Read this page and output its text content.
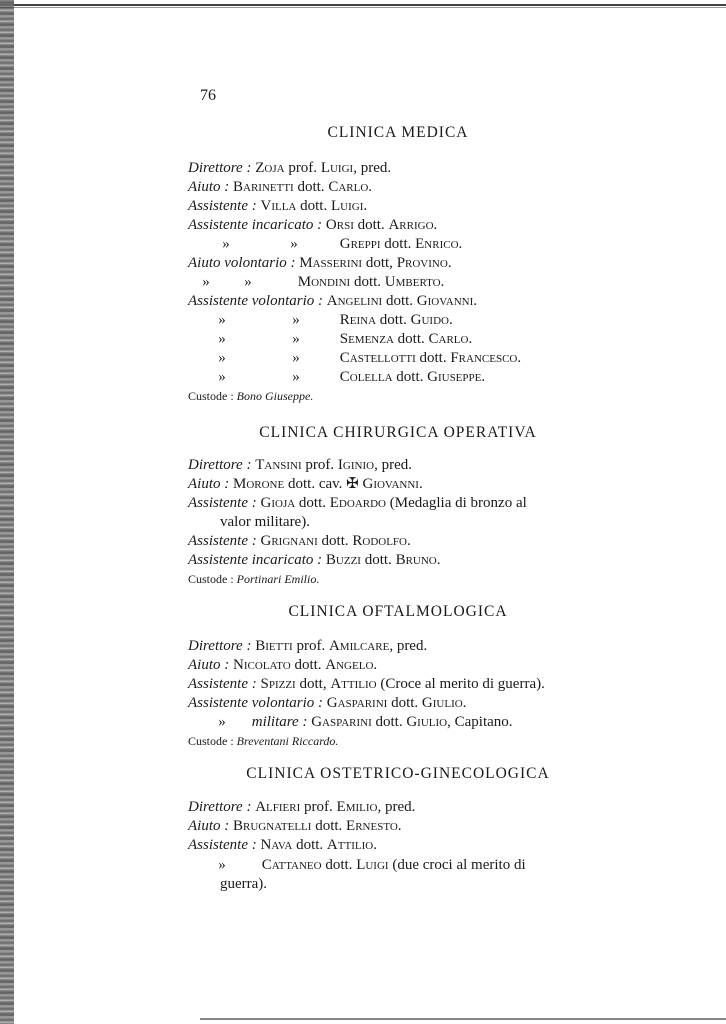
76
CLINICA MEDICA
Direttore : Zoja prof. Luigi, pred.
Aiuto : Barinetti dott. Carlo.
Assistente : Villa dott. Luigi.
Assistente incaricato : Orsi dott. Arrigo.
»	»	Greppi dott. Enrico.
Aiuto volontario : Masserini dott, Provino.
» »	Mondini dott. Umberto.
Assistente volontario : Angelini dott. Giovanni.
»	»	Reina dott. Guido.
»	»	Semenza dott. Carlo.
»	»	Castellotti dott. Francesco.
»	»	Colella dott. Giuseppe.
Custode : Bono Giuseppe.
CLINICA CHIRURGICA OPERATIVA
Direttore : Tansini prof. Iginio, pred.
Aiuto : Morone dott. cav. ✠ Giovanni.
Assistente : Gioja dott. Edoardo (Medaglia di bronzo al
valor militare).
Assistente : Grignani dott. Rodolfo.
Assistente incaricato : Buzzi dott. Bruno.
Custode : Portinari Emilio.
CLINICA OFTALMOLOGICA
Direttore : Bietti prof. Amilcare, pred.
Aiuto : Nicolato dott. Angelo.
Assistente : Spizzi dott, Attilio (Croce al merito di guerra).
Assistente volontario : Gasparini dott. Giulio.
» militare : Gasparini dott. Giulio, Capitano.
Custode : Breventani Riccardo.
CLINICA OSTETRICO-GINECOLOGICA
Direttore : Alfieri prof. Emilio, pred.
Aiuto : Brugnatelli dott. Ernesto.
Assistente : Nava dott. Attilio.
» Cattaneo dott. Luigi (due croci al merito di
guerra).
